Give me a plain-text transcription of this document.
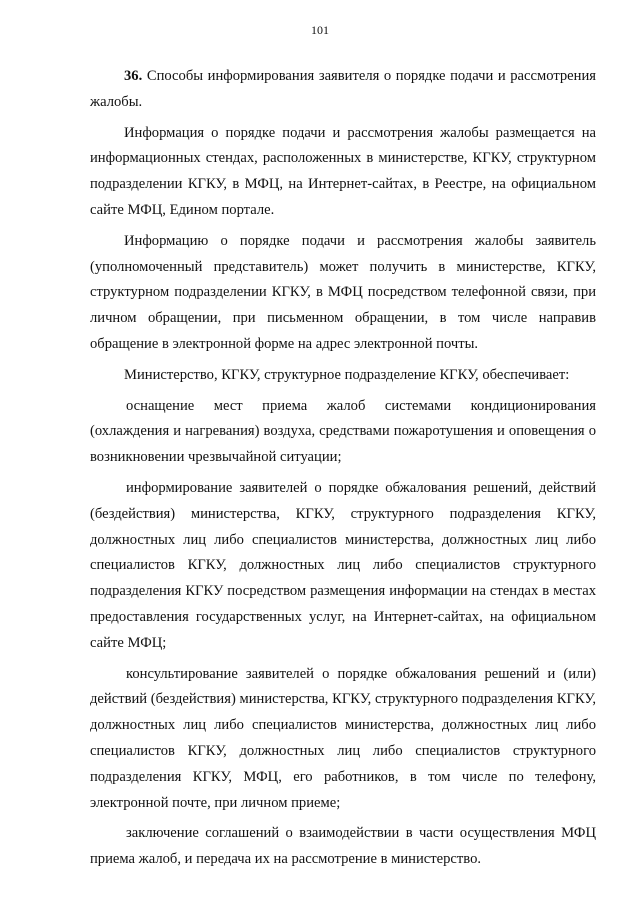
101

36. Способы информирования заявителя о порядке подачи и рассмотрения жалобы.

Информация о порядке подачи и рассмотрения жалобы размещается на информационных стендах, расположенных в министерстве, КГКУ, структурном подразделении КГКУ, в МФЦ, на Интернет-сайтах, в Реестре, на официальном сайте МФЦ, Едином портале.

Информацию о порядке подачи и рассмотрения жалобы заявитель (уполномоченный представитель) может получить в министерстве, КГКУ, структурном подразделении КГКУ, в МФЦ посредством телефонной связи, при личном обращении, при письменном обращении, в том числе направив обращение в электронной форме на адрес электронной почты.

Министерство, КГКУ, структурное подразделение КГКУ, обеспечивает:

оснащение мест приема жалоб системами кондиционирования (охлаждения и нагревания) воздуха, средствами пожаротушения и оповещения о возникновении чрезвычайной ситуации;

информирование заявителей о порядке обжалования решений, действий (бездействия) министерства, КГКУ, структурного подразделения КГКУ, должностных лиц либо специалистов министерства, должностных лиц либо специалистов КГКУ, должностных лиц либо специалистов структурного подразделения КГКУ посредством размещения информации на стендах в местах предоставления государственных услуг, на Интернет-сайтах, на официальном сайте МФЦ;

консультирование заявителей о порядке обжалования решений и (или) действий (бездействия) министерства, КГКУ, структурного подразделения КГКУ, должностных лиц либо специалистов министерства, должностных лиц либо специалистов КГКУ, должностных лиц либо специалистов структурного подразделения КГКУ, МФЦ, его работников, в том числе по телефону, электронной почте, при личном приеме;

заключение соглашений о взаимодействии в части осуществления МФЦ приема жалоб, и передача их на рассмотрение в министерство.
